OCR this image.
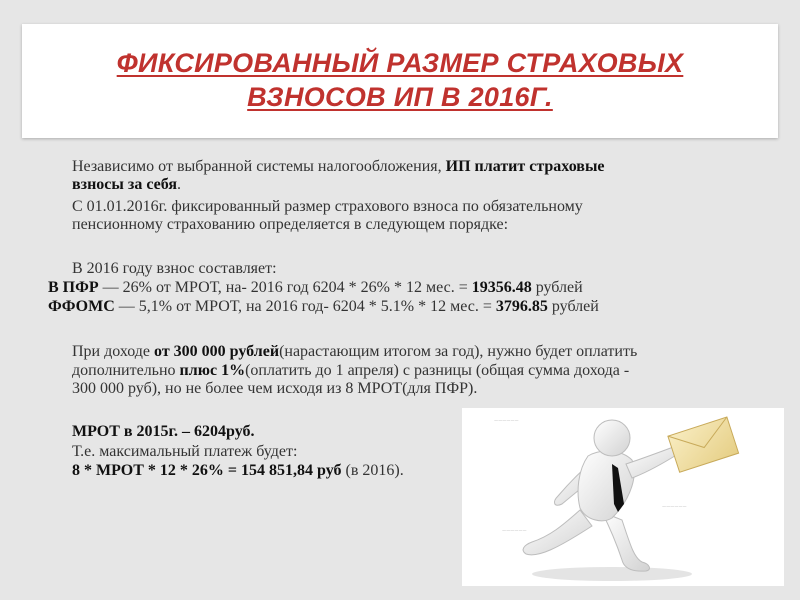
ФИКСИРОВАННЫЙ РАЗМЕР СТРАХОВЫХ
ВЗНОСОВ ИП В 2016Г.
Независимо от выбранной системы налогообложения, ИП платит страховые
взносы за себя.
С 01.01.2016г. фиксированный размер страхового взноса по обязательному
пенсионному страхованию определяется в следующем порядке:
В 2016 году взнос составляет:
В ПФР — 26% от МРОТ, на- 2016 год 6204 * 26% * 12 мес. = 19356.48 рублей
ФФОМС — 5,1% от МРОТ, на 2016 год- 6204 * 5.1% * 12 мес. = 3796.85 рублей
При доходе от 300 000 рублей(нарастающим итогом за год), нужно будет оплатить
дополнительно плюс 1%(оплатить до 1 апреля) с разницы (общая сумма дохода -
300 000 руб), но не более чем исходя из 8 МРОТ(для ПФР).
МРОТ в 2015г. – 6204руб.
Т.е. максимальный платеж будет:
8 * МРОТ * 12 * 26% = 154 851,84 руб (в 2016).
~~~~~~
~~~~~~
~~~~~~
